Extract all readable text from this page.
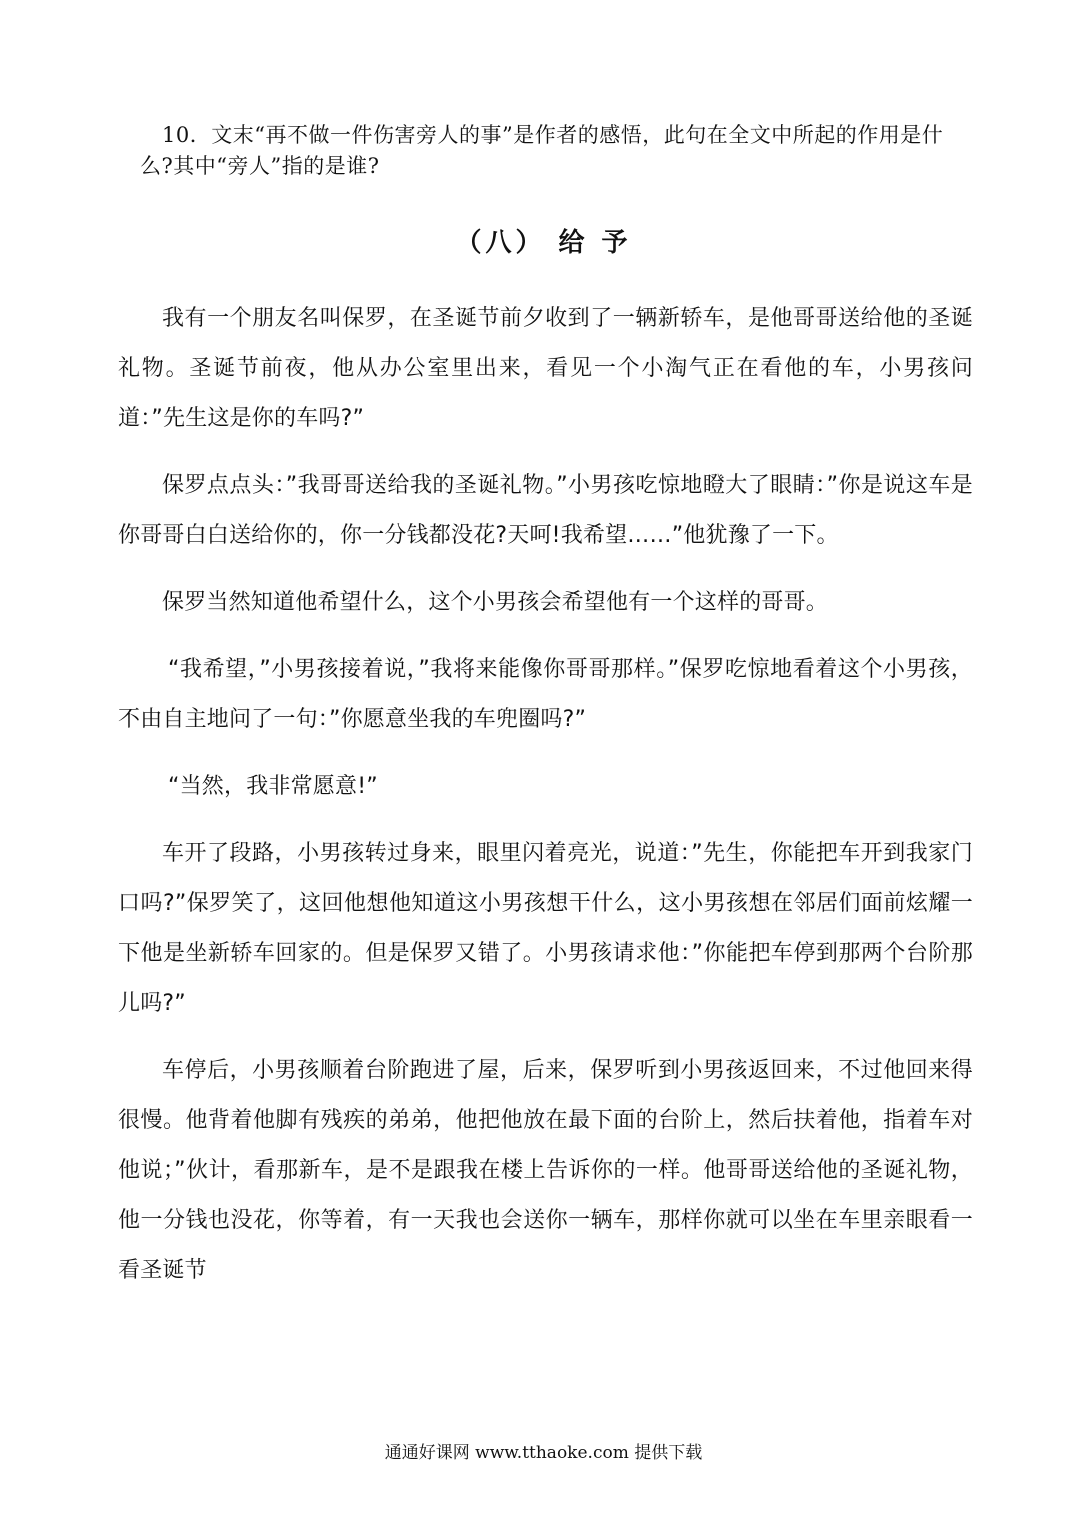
10．文末“再不做一件伤害旁人的事”是作者的感悟，此句在全文中所起的作用是什么?其中“旁人”指的是谁?

（八） 给 予

我有一个朋友名叫保罗，在圣诞节前夕收到了一辆新轿车，是他哥哥送给他的圣诞礼物。圣诞节前夜，他从办公室里出来，看见一个小淘气正在看他的车，小男孩问道：”先生这是你的车吗?”

保罗点点头：”我哥哥送给我的圣诞礼物。”小男孩吃惊地瞪大了眼睛：”你是说这车是你哥哥白白送给你的，你一分钱都没花?天呵!我希望……”他犹豫了一下。

保罗当然知道他希望什么，这个小男孩会希望他有一个这样的哥哥。

“我希望，”小男孩接着说，”我将来能像你哥哥那样。”保罗吃惊地看着这个小男孩，不由自主地问了一句：”你愿意坐我的车兜圈吗?”

“当然，我非常愿意!”

车开了段路，小男孩转过身来，眼里闪着亮光，说道：”先生，你能把车开到我家门口吗?”保罗笑了，这回他想他知道这小男孩想干什么，这小男孩想在邻居们面前炫耀一下他是坐新轿车回家的。但是保罗又错了。小男孩请求他：”你能把车停到那两个台阶那儿吗?”

车停后，小男孩顺着台阶跑进了屋，后来，保罗听到小男孩返回来，不过他回来得很慢。他背着他脚有残疾的弟弟，他把他放在最下面的台阶上，然后扶着他，指着车对他说；”伙计，看那新车，是不是跟我在楼上告诉你的一样。他哥哥送给他的圣诞礼物，他一分钱也没花，你等着，有一天我也会送你一辆车，那样你就可以坐在车里亲眼看一看圣诞节

通通好课网 www.tthaoke.com 提供下载
